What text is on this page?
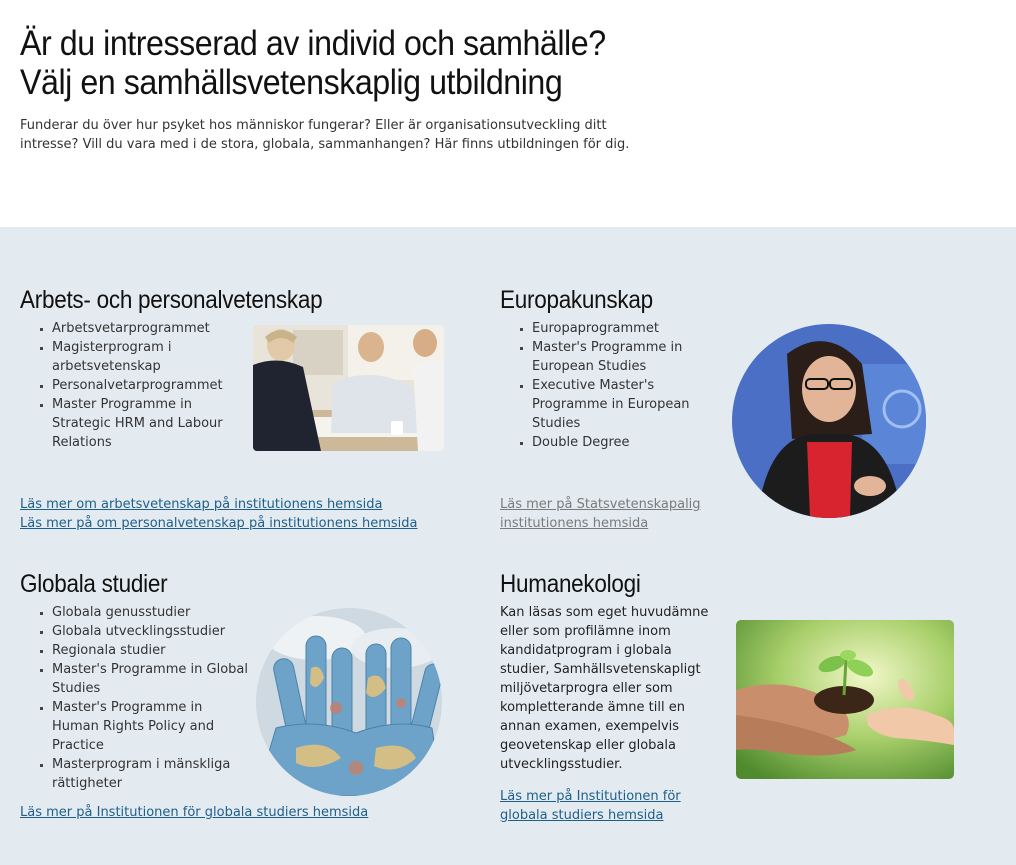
Är du intresserad av individ och samhälle?
Välj en samhällsvetenskaplig utbildning

Funderar du över hur psyket hos människor fungerar? Eller är organisationsutveckling ditt intresse? Vill du vara med i de stora, globala, sammanhangen? Här finns utbildningen för dig.

Arbets- och personalvetenskap
▪ Arbetsvetarprogrammet
▪ Magisterprogram i arbetsvetenskap
▪ Personalvetarprogrammet
▪ Master Programme in Strategic HRM and Labour Relations
Läs mer om arbetsvetenskap på institutionens hemsida
Läs mer på om personalvetenskap på institutionens hemsida
Europakunskap
▪ Europaprogrammet
▪ Master's Programme in European Studies
▪ Executive Master's Programme in European Studies
▪ Double Degree
Läs mer på Statsvetenskapalig institutionens hemsida
Globala studier
▪ Globala genusstudier
▪ Globala utvecklingsstudier
▪ Regionala studier
▪ Master's Programme in Global Studies
▪ Master's Programme in Human Rights Policy and Practice
▪ Masterprogram i mänskliga rättigheter
Läs mer på Institutionen för globala studiers hemsida
Humanekologi

Kan läsas som eget huvudämne eller som profilämne inom kandidatprogram i globala studier, Samhällsvetenskapligt miljövetarprogra eller som kompletterande ämne till en annan examen, exempelvis geovetenskap eller globala utvecklingsstudier.

Läs mer på Institutionen för globala studiers hemsida
